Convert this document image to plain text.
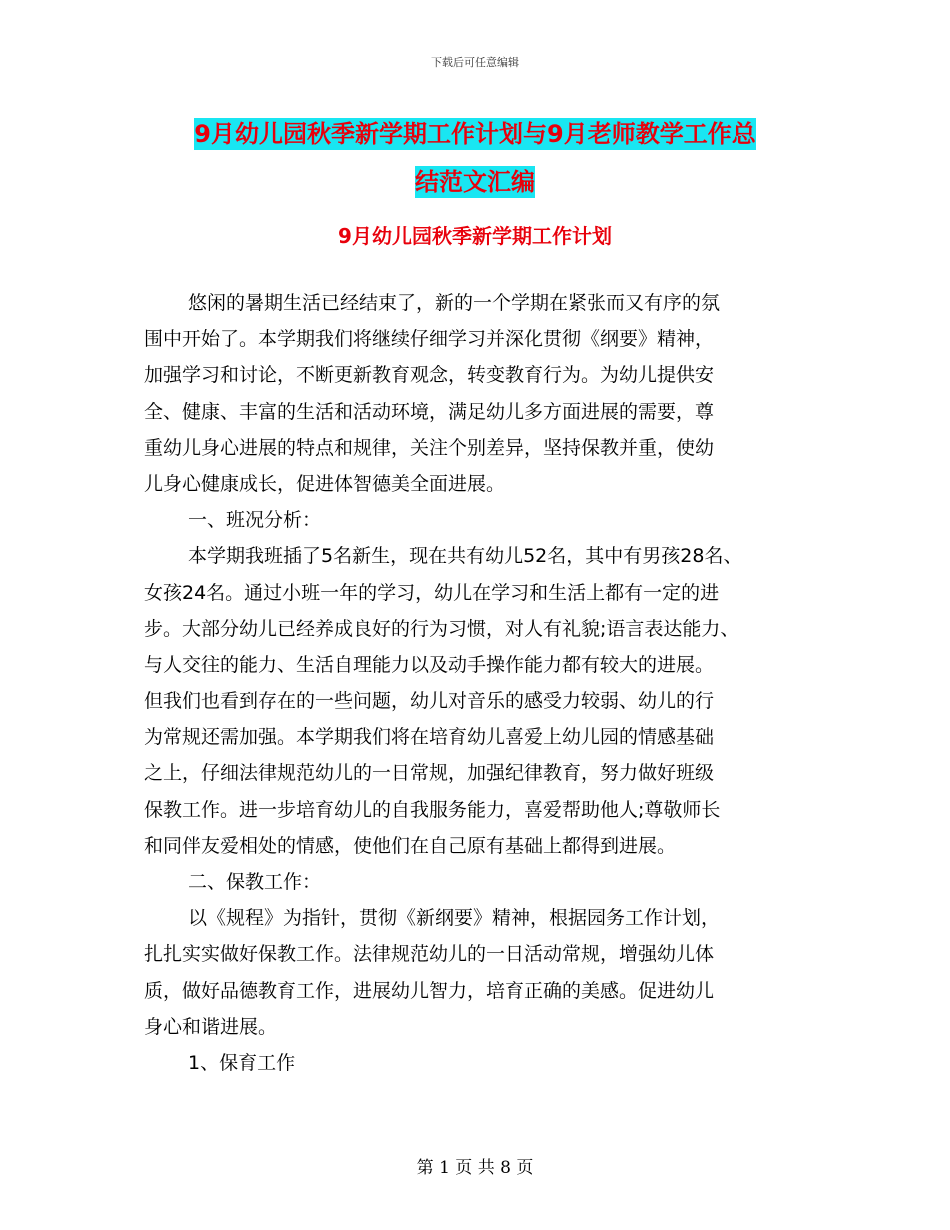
下载后可任意编辑
9月幼儿园秋季新学期工作计划与9月老师教学工作总
结范文汇编
9月幼儿园秋季新学期工作计划
悠闲的暑期生活已经结束了，新的一个学期在紧张而又有序的氛
围中开始了。本学期我们将继续仔细学习并深化贯彻《纲要》精神，
加强学习和讨论，不断更新教育观念，转变教育行为。为幼儿提供安
全、健康、丰富的生活和活动环境，满足幼儿多方面进展的需要，尊
重幼儿身心进展的特点和规律，关注个别差异，坚持保教并重，使幼
儿身心健康成长，促进体智德美全面进展。
一、班况分析：
本学期我班插了5名新生，现在共有幼儿52名，其中有男孩28名、
女孩24名。通过小班一年的学习，幼儿在学习和生活上都有一定的进
步。大部分幼儿已经养成良好的行为习惯，对人有礼貌;语言表达能力、
与人交往的能力、生活自理能力以及动手操作能力都有较大的进展。
但我们也看到存在的一些问题，幼儿对音乐的感受力较弱、幼儿的行
为常规还需加强。本学期我们将在培育幼儿喜爱上幼儿园的情感基础
之上，仔细法律规范幼儿的一日常规，加强纪律教育，努力做好班级
保教工作。进一步培育幼儿的自我服务能力，喜爱帮助他人;尊敬师长
和同伴友爱相处的情感，使他们在自己原有基础上都得到进展。
二、保教工作：
以《规程》为指针，贯彻《新纲要》精神，根据园务工作计划，
扎扎实实做好保教工作。法律规范幼儿的一日活动常规，增强幼儿体
质，做好品德教育工作，进展幼儿智力，培育正确的美感。促进幼儿
身心和谐进展。
1、保育工作
第 1 页 共 8 页
